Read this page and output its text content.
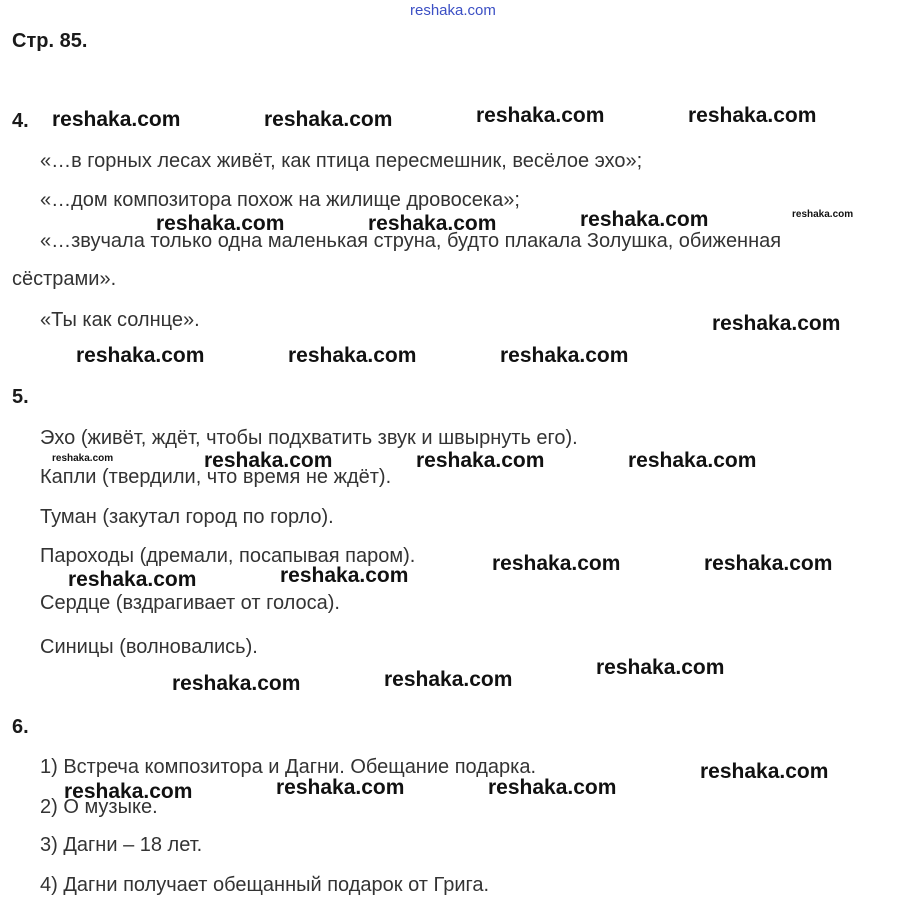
reshaka.com
Стр. 85.
4.
«…в горных лесах живёт, как птица пересмешник, весёлое эхо»;
«…дом композитора похож на жилище дровосека»;
«…звучала только одна маленькая струна, будто плакала Золушка, обиженная
сёстрами».
«Ты как солнце».
5.
Эхо (живёт, ждёт, чтобы подхватить звук и швырнуть его).
Капли (твердили, что время не ждёт).
Туман (закутал город по горло).
Пароходы (дремали, посапывая паром).
Сердце (вздрагивает от голоса).
Синицы (волновались).
6.
1) Встреча композитора и Дагни. Обещание подарка.
2) О музыке.
3) Дагни – 18 лет.
4) Дагни получает обещанный подарок от Грига.
reshaka.com	reshaka.com	reshaka.com	reshaka.com
reshaka.com	reshaka.com	reshaka.com	reshaka.com
reshaka.com
reshaka.com	reshaka.com	reshaka.com
reshaka.com	reshaka.com	reshaka.com	reshaka.com
reshaka.com	reshaka.com
reshaka.com	reshaka.com
reshaka.com
reshaka.com	reshaka.com
reshaka.com
reshaka.com	reshaka.com	reshaka.com
